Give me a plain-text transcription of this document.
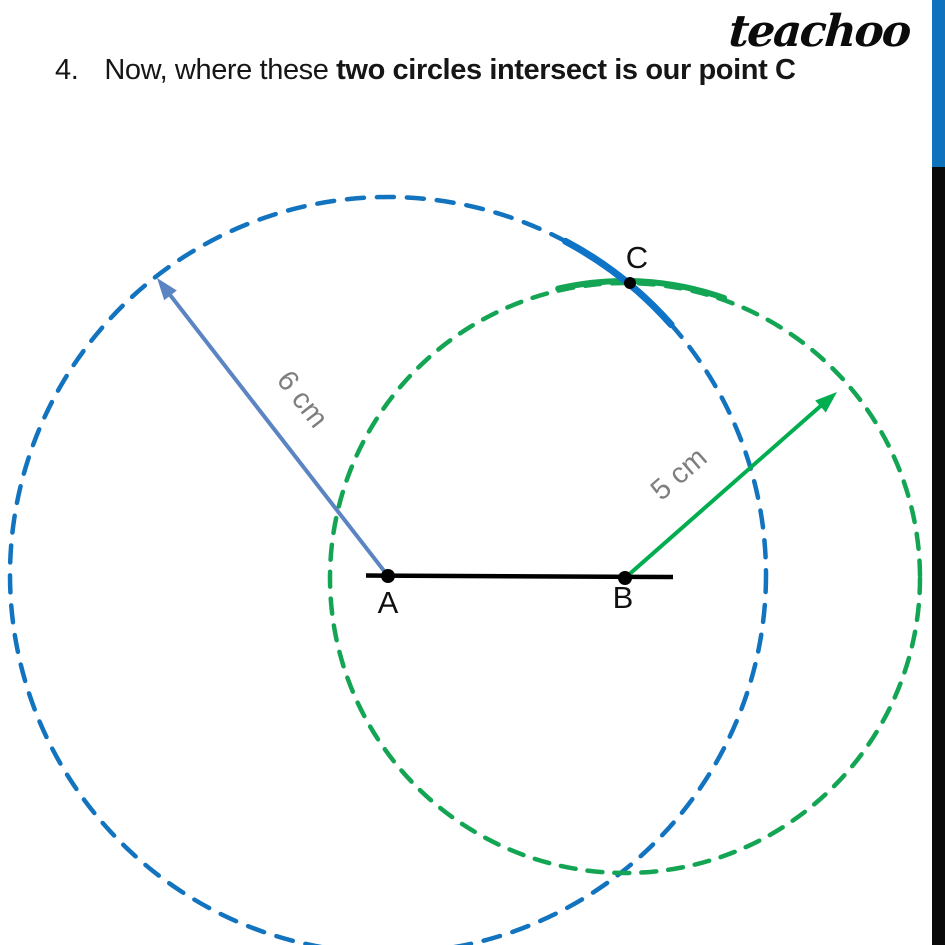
teachoo
4. Now, where these two circles intersect is our point C
A	B
C
6 cm
5 cm
